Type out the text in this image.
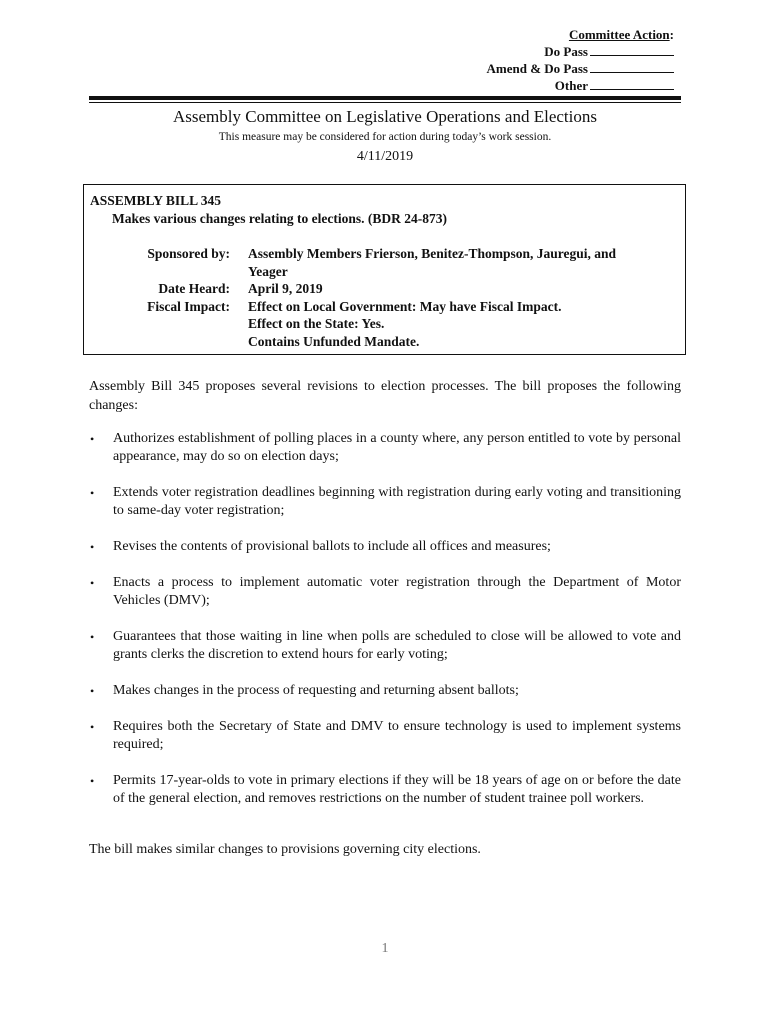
Committee Action:
Do Pass
Amend & Do Pass
Other
Assembly Committee on Legislative Operations and Elections
This measure may be considered for action during today’s work session.
4/11/2019
ASSEMBLY BILL 345
Makes various changes relating to elections. (BDR 24-873)
Sponsored by:	Assembly Members Frierson, Benitez-Thompson, Jauregui, and
Yeager
Date Heard:	April 9, 2019
Fiscal Impact:	Effect on Local Government: May have Fiscal Impact.
Effect on the State: Yes.
Contains Unfunded Mandate.
Assembly Bill 345 proposes several revisions to election processes. The bill proposes the following changes:
• Authorizes establishment of polling places in a county where, any person entitled to vote by personal appearance, may do so on election days;
• Extends voter registration deadlines beginning with registration during early voting and transitioning to same-day voter registration;
• Revises the contents of provisional ballots to include all offices and measures;
• Enacts a process to implement automatic voter registration through the Department of Motor Vehicles (DMV);
• Guarantees that those waiting in line when polls are scheduled to close will be allowed to vote and grants clerks the discretion to extend hours for early voting;
• Makes changes in the process of requesting and returning absent ballots;
• Requires both the Secretary of State and DMV to ensure technology is used to implement systems required;
• Permits 17-year-olds to vote in primary elections if they will be 18 years of age on or before the date of the general election, and removes restrictions on the number of student trainee poll workers.
The bill makes similar changes to provisions governing city elections.
1
